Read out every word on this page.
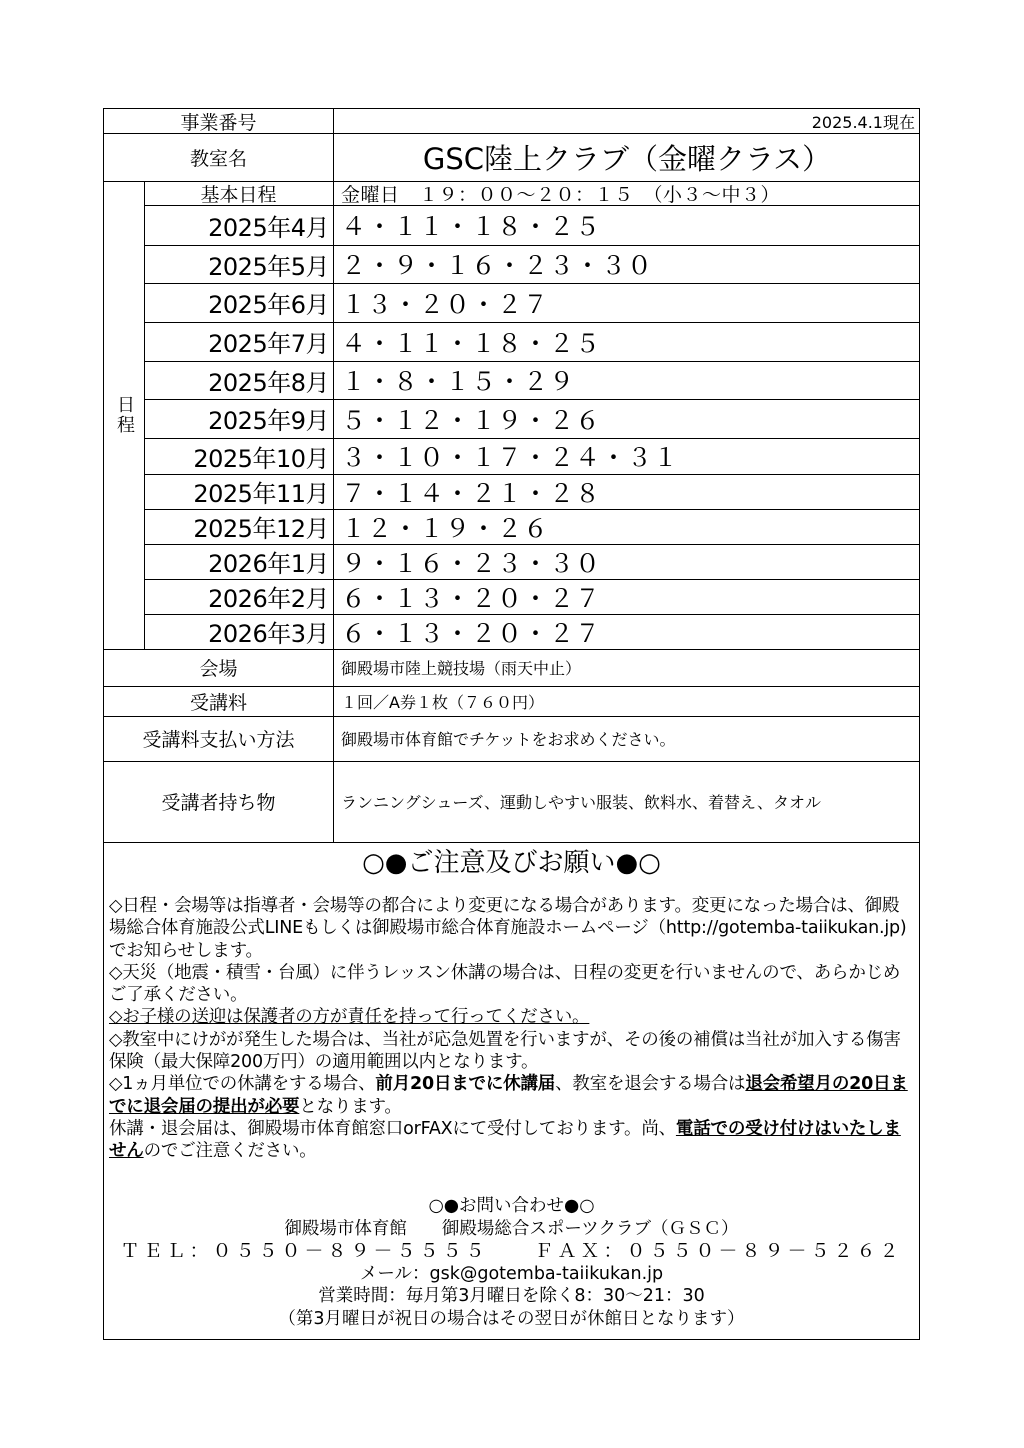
事業番号	2025.4.1現在
教室名	GSC陸上クラブ（金曜クラス）
日程
基本日程	金曜日　１９：００～２０：１５　（小３～中３）
2025年4月 ４・１１・１８・２５
2025年5月 ２・９・１６・２３・３０
2025年6月 １３・２０・２７
2025年7月 ４・１１・１８・２５
2025年8月 １・８・１５・２９
2025年9月 ５・１２・１９・２６
2025年10月 ３・１０・１７・２４・３１
2025年11月 ７・１４・２１・２８
2025年12月 １２・１９・２６
2026年1月 ９・１６・２３・３０
2026年2月 ６・１３・２０・２７
2026年3月 ６・１３・２０・２７
会場	御殿場市陸上競技場（雨天中止）
受講料	１回／A券１枚（７６０円）
受講料支払い方法	御殿場市体育館でチケットをお求めください。
受講者持ち物	ランニングシューズ、運動しやすい服装、飲料水、着替え、タオル
○●ご注意及びお願い●○

◇日程・会場等は指導者・会場等の都合により変更になる場合があります。変更になった場合は、御殿場総合体育施設公式LINEもしくは御殿場市総合体育施設ホームページ（http://gotemba-taiikukan.jp)でお知らせします。

◇天災（地震・積雪・台風）に伴うレッスン休講の場合は、日程の変更を行いませんので、あらかじめご了承ください。

◇お子様の送迎は保護者の方が責任を持って行ってください。

◇教室中にけがが発生した場合は、当社が応急処置を行いますが、その後の補償は当社が加入する傷害保険（最大保障200万円）の適用範囲以内となります。

◇1ヵ月単位での休講をする場合、前月20日までに休講届、教室を退会する場合は退会希望月の20日までに退会届の提出が必要となります。

休講・退会届は、御殿場市体育館窓口orFAXにて受付しております。尚、電話での受け付けはいたしませんのでご注意ください。

○●お問い合わせ●○
御殿場市体育館　　御殿場総合スポーツクラブ（ＧＳＣ）
ＴＥＬ：０５５０－８９－５５５５　　ＦＡＸ：０５５０－８９－５２６２
メール：gsk@gotemba-taiikukan.jp
営業時間：毎月第3月曜日を除く8：30～21：30
（第3月曜日が祝日の場合はその翌日が休館日となります）
